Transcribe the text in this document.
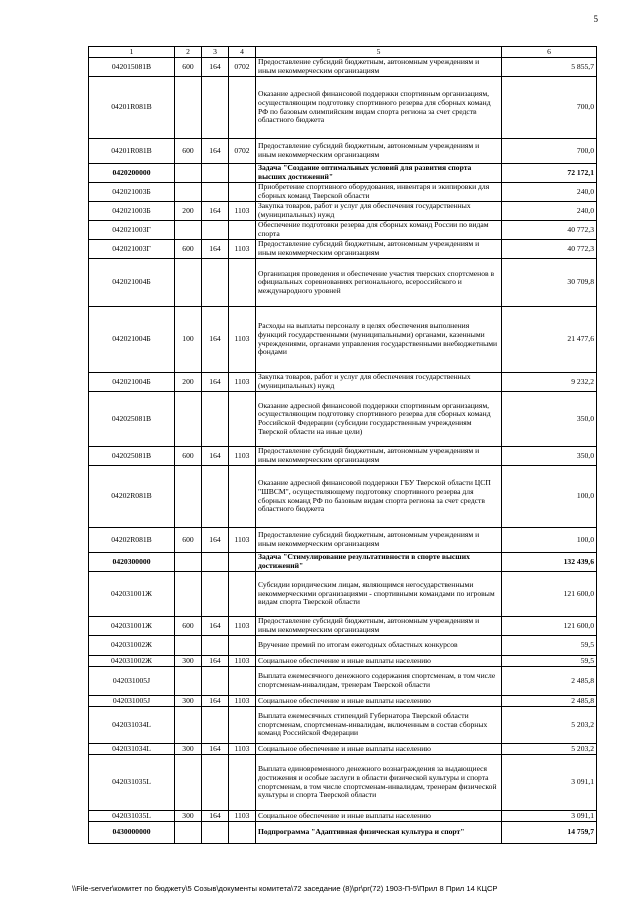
5
1	2	3	4	5	6
042015081В	600	164	0702	Предоставление субсидий бюджетным, автономным учреждениям и иным некоммерческим организациям	5 855,7
04201R081В				Оказание адресной финансовой поддержки спортивным организациям, осуществляющим подготовку спортивного резерва для сборных команд РФ по базовым олимпийским видам спорта региона за счет средств областного бюджета	700,0
04201R081В	600	164	0702	Предоставление субсидий бюджетным, автономным учреждениям и иным некоммерческим организациям	700,0
0420200000				Задача "Создание оптимальных условий для развития спорта высших достижений"	72 172,1
042021003Б				Приобретение спортивного оборудования, инвентаря и экипировки для сборных команд Тверской области	240,0
042021003Б	200	164	1103	Закупка товаров, работ и услуг для обеспечения государственных (муниципальных) нужд	240,0
042021003Г				Обеспечение подготовки резерва для сборных команд России по видам спорта	40 772,3
042021003Г	600	164	1103	Предоставление субсидий бюджетным, автономным учреждениям и иным некоммерческим организациям	40 772,3
042021004Б				Организация проведения и обеспечение участия тверских спортсменов в официальных соревнованиях регионального, всероссийского и международного уровней	30 709,8
042021004Б	100	164	1103	Расходы на выплаты персоналу в целях обеспечения выполнения функций государственными (муниципальными) органами, казенными учреждениями, органами управления государственными внебюджетными фондами	21 477,6
042021004Б	200	164	1103	Закупка товаров, работ и услуг для обеспечения государственных (муниципальных) нужд	9 232,2
042025081В				Оказание адресной финансовой поддержки спортивным организациям, осуществляющим подготовку спортивного резерва для сборных команд Российской Федерации (субсидии государственным учреждениям Тверской области на иные цели)	350,0
042025081В	600	164	1103	Предоставление субсидий бюджетным, автономным учреждениям и иным некоммерческим организациям	350,0
04202R081В				Оказание адресной финансовой поддержки ГБУ Тверской области ЦСП "ШВСМ", осуществляющему подготовку спортивного резерва для сборных команд РФ по базовым видам спорта региона за счет средств областного бюджета	100,0
04202R081В	600	164	1103	Предоставление субсидий бюджетным, автономным учреждениям и иным некоммерческим организациям	100,0
0420300000				Задача "Стимулирование результативности в спорте высших достижений"	132 439,6
042031001Ж				Субсидии юридическим лицам, являющимся негосударственными некоммерческими организациями - спортивными командами по игровым видам спорта Тверской области	121 600,0
042031001Ж	600	164	1103	Предоставление субсидий бюджетным, автономным учреждениям и иным некоммерческим организациям	121 600,0
042031002Ж				Вручение премий по итогам ежегодных областных конкурсов	59,5
042031002Ж	300	164	1103	Социальное обеспечение и иные выплаты населению	59,5
042031005J				Выплата ежемесячного денежного содержания спортсменам, в том числе спортсменам-инвалидам, тренерам Тверской области	2 485,8
042031005J	300	164	1103	Социальное обеспечение и иные выплаты населению	2 485,8
042031034L				Выплата ежемесячных стипендий Губернатора Тверской области спортсменам, спортсменам-инвалидам, включенным в состав сборных команд Российской Федерации	5 203,2
042031034L	300	164	1103	Социальное обеспечение и иные выплаты населению	5 203,2
042031035L				Выплата единовременного денежного вознаграждения за выдающиеся достижения и особые заслуги в области физической культуры и спорта спортсменам, в том числе спортсменам-инвалидам, тренерам физической культуры и спорта Тверской области	3 091,1
042031035L	300	164	1103	Социальное обеспечение и иные выплаты населению	3 091,1
0430000000				Подпрограмма "Адаптивная физическая культура и спорт"	14 759,7
\\File-server\комитет по бюджету\5 Созыв\документы комитета\72 заседание (8)\pr\pr(72) 1903-П-5\Прил 8 Прил 14 КЦСР
